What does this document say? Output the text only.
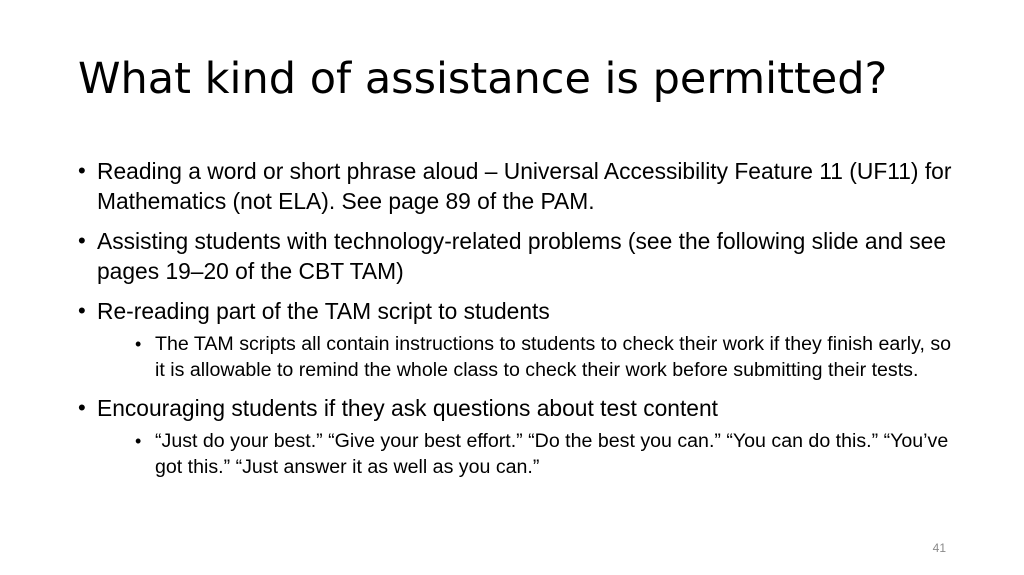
What kind of assistance is permitted?
• Reading a word or short phrase aloud – Universal Accessibility Feature 11 (UF11) for Mathematics (not ELA). See page 89 of the PAM.
• Assisting students with technology-related problems (see the following slide and see pages 19–20 of the CBT TAM)
• Re-reading part of the TAM script to students
• The TAM scripts all contain instructions to students to check their work if they finish early, so it is allowable to remind the whole class to check their work before submitting their tests.
• Encouraging students if they ask questions about test content
• “Just do your best.” “Give your best effort.” “Do the best you can.” “You can do this.” “You’ve got this.” “Just answer it as well as you can.”
41
